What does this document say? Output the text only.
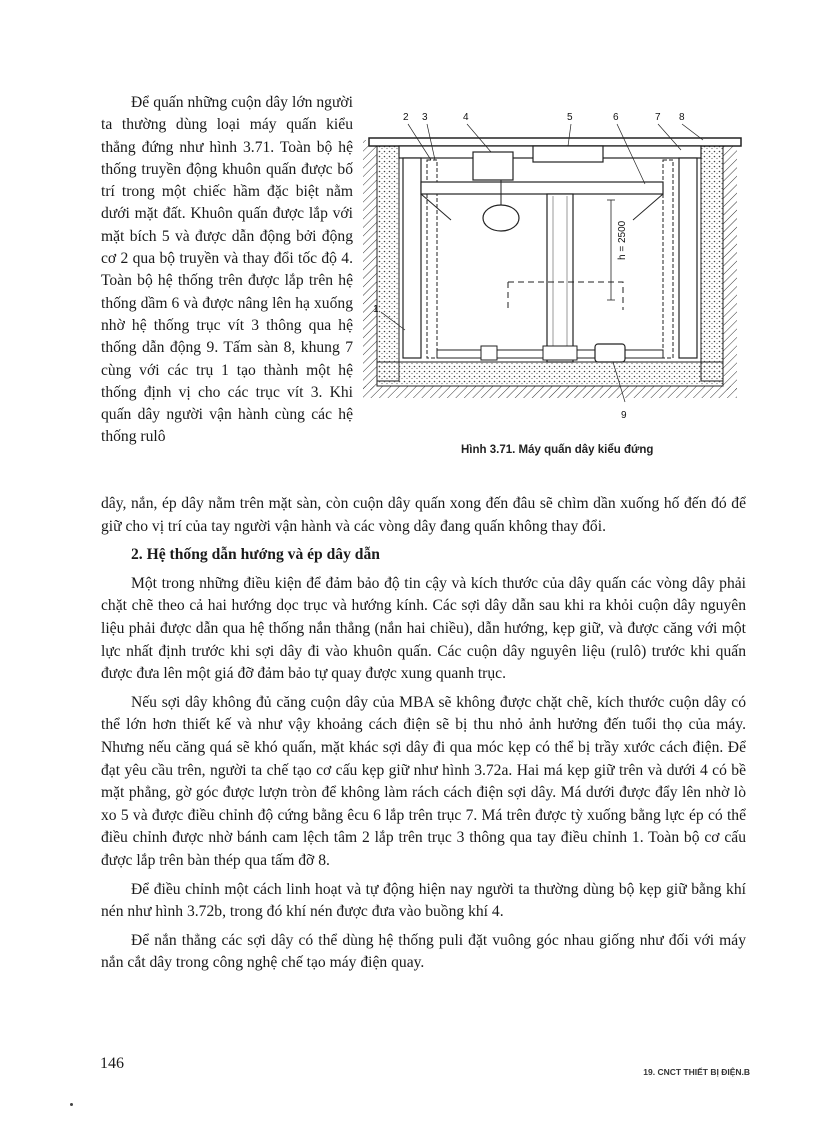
Để quấn những cuộn dây lớn người ta thường dùng loại máy quấn kiểu thẳng đứng như hình 3.71. Toàn bộ hệ thống truyền động khuôn quấn được bố trí trong một chiếc hầm đặc biệt nằm dưới mặt đất. Khuôn quấn được lắp với mặt bích 5 và được dẫn động bởi động cơ 2 qua bộ truyền và thay đổi tốc độ 4. Toàn bộ hệ thống trên được lắp trên hệ thống dầm 6 và được nâng lên hạ xuống nhờ hệ thống trục vít 3 thông qua hệ thống dẫn động 9. Tấm sàn 8, khung 7 cùng với các trụ 1 tạo thành một hệ thống định vị cho các trục vít 3. Khi quấn dây người vận hành cùng các hệ thống rulô

h = 2500
2 3	4	5	6	7 8
1
9
Hình 3.71. Máy quấn dây kiểu đứng

dây, nắn, ép dây nằm trên mặt sàn, còn cuộn dây quấn xong đến đâu sẽ chìm dần xuống hố đến đó để giữ cho vị trí của tay người vận hành và các vòng dây đang quấn không thay đổi.

2. Hệ thống dẫn hướng và ép dây dẫn

Một trong những điều kiện để đảm bảo độ tin cậy và kích thước của dây quấn các vòng dây phải chặt chẽ theo cả hai hướng dọc trục và hướng kính. Các sợi dây dẫn sau khi ra khỏi cuộn dây nguyên liệu phải được dẫn qua hệ thống nắn thẳng (nắn hai chiều), dẫn hướng, kẹp giữ, và được căng với một lực nhất định trước khi sợi dây đi vào khuôn quấn. Các cuộn dây nguyên liệu (rulô) trước khi quấn được đưa lên một giá đỡ đảm bảo tự quay được xung quanh trục.

Nếu sợi dây không đủ căng cuộn dây của MBA sẽ không được chặt chẽ, kích thước cuộn dây có thể lớn hơn thiết kế và như vậy khoảng cách điện sẽ bị thu nhỏ ảnh hưởng đến tuổi thọ của máy. Nhưng nếu căng quá sẽ khó quấn, mặt khác sợi dây đi qua móc kẹp có thể bị trầy xước cách điện. Để đạt yêu cầu trên, người ta chế tạo cơ cấu kẹp giữ như hình 3.72a. Hai má kẹp giữ trên và dưới 4 có bề mặt phẳng, gờ góc được lượn tròn để không làm rách cách điện sợi dây. Má dưới được đẩy lên nhờ lò xo 5 và được điều chỉnh độ cứng bằng êcu 6 lắp trên trục 7. Má trên được tỳ xuống bằng lực ép có thể điều chỉnh được nhờ bánh cam lệch tâm 2 lắp trên trục 3 thông qua tay điều chỉnh 1. Toàn bộ cơ cấu được lắp trên bàn thép qua tấm đỡ 8.

Để điều chỉnh một cách linh hoạt và tự động hiện nay người ta thường dùng bộ kẹp giữ bằng khí nén như hình 3.72b, trong đó khí nén được đưa vào buồng khí 4.

Để nắn thẳng các sợi dây có thể dùng hệ thống puli đặt vuông góc nhau giống như đối với máy nắn cắt dây trong công nghệ chế tạo máy điện quay.

146	19. CNCT THIẾT BỊ ĐIỆN.B
